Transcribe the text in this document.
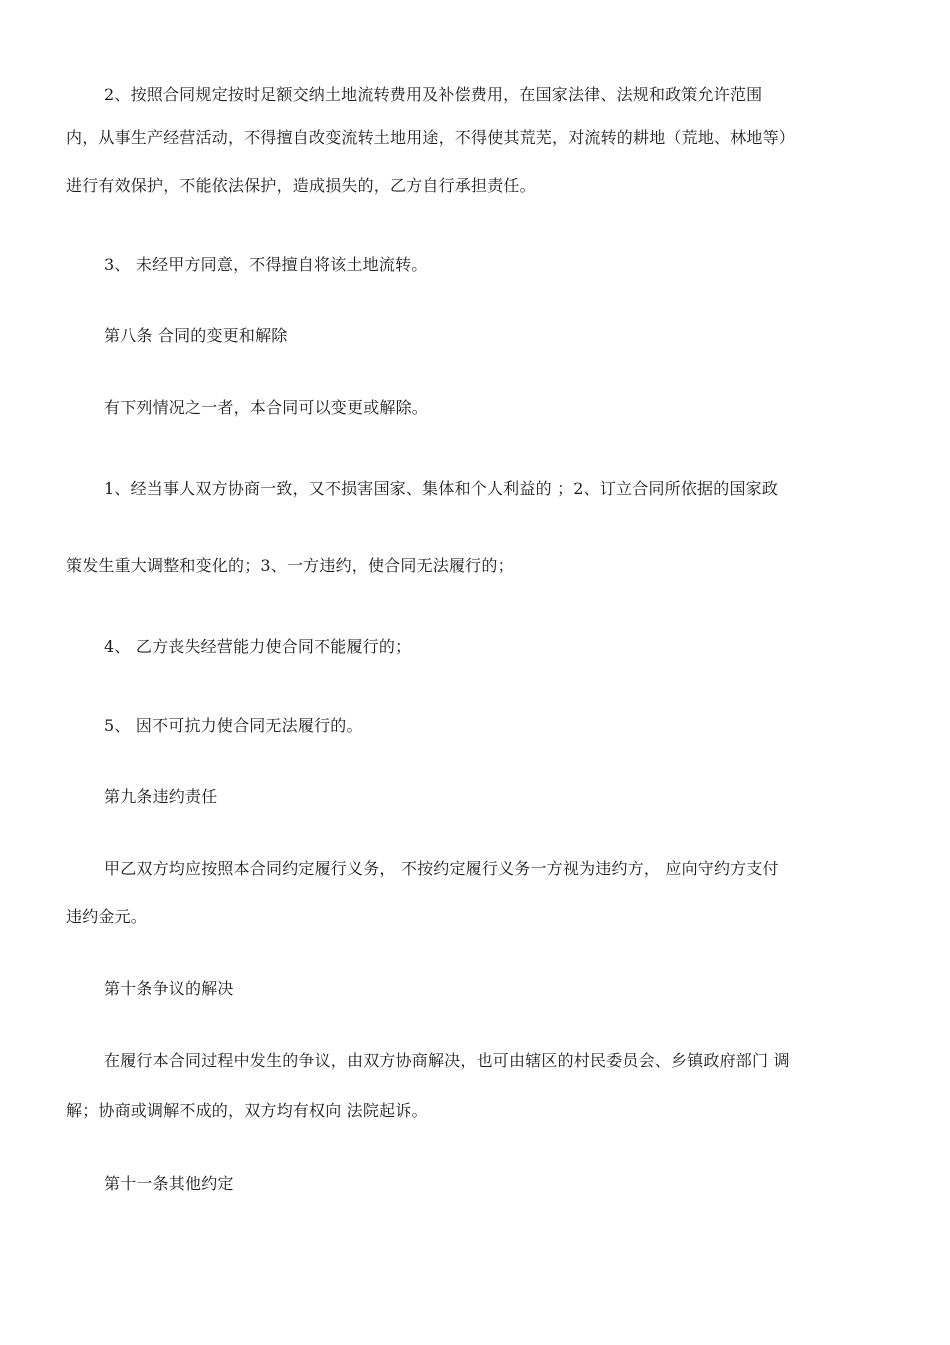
2、按照合同规定按时足额交纳土地流转费用及补偿费用，在国家法律、法规和政策允许范围
内，从事生产经营活动，不得擅自改变流转土地用途，不得使其荒芜，对流转的耕地（荒地、林地等）
进行有效保护，不能依法保护，造成损失的，乙方自行承担责任。
3、 未经甲方同意，不得擅自将该土地流转。
第八条 合同的变更和解除
有下列情况之一者，本合同可以变更或解除。
1、经当事人双方协商一致，又不损害国家、集体和个人利益的 ；2、订立合同所依据的国家政
策发生重大调整和变化的；3、一方违约，使合同无法履行的；
4、 乙方丧失经营能力使合同不能履行的；
5、 因不可抗力使合同无法履行的。
第九条违约责任
甲乙双方均应按照本合同约定履行义务， 不按约定履行义务一方视为违约方， 应向守约方支付
违约金元。
第十条争议的解决
在履行本合同过程中发生的争议，由双方协商解决，也可由辖区的村民委员会、乡镇政府部门 调
解；协商或调解不成的，双方均有权向 法院起诉。
第十一条其他约定
